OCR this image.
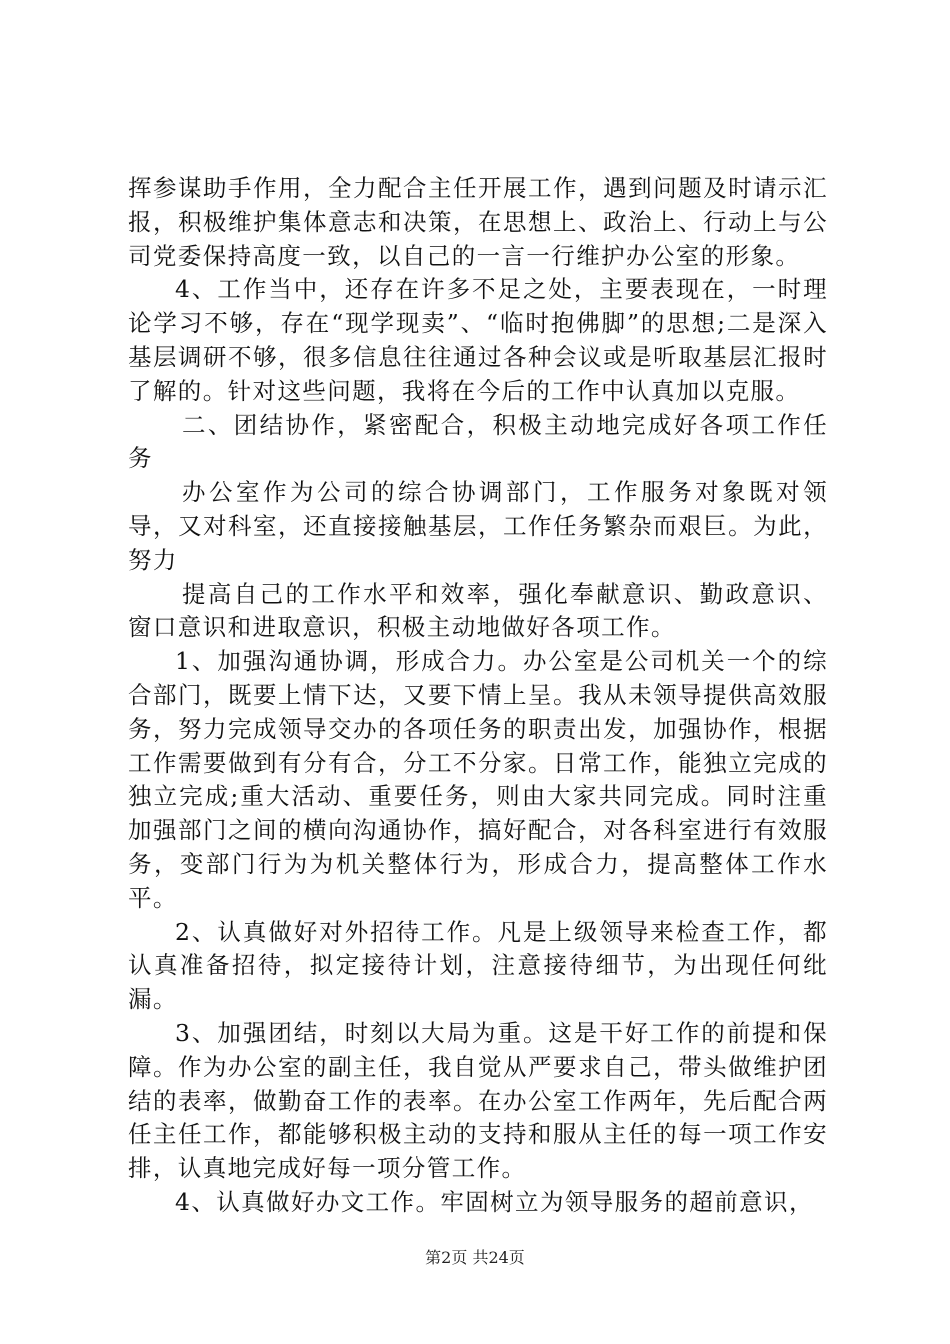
挥参谋助手作用，全力配合主任开展工作，遇到问题及时请示汇报，积极维护集体意志和决策，在思想上、政治上、行动上与公司党委保持高度一致，以自己的一言一行维护办公室的形象。

4、工作当中，还存在许多不足之处，主要表现在，一时理论学习不够，存在“现学现卖”、“临时抱佛脚”的思想;二是深入基层调研不够，很多信息往往通过各种会议或是听取基层汇报时了解的。针对这些问题，我将在今后的工作中认真加以克服。

二、团结协作，紧密配合，积极主动地完成好各项工作任务

办公室作为公司的综合协调部门，工作服务对象既对领导，又对科室，还直接接触基层，工作任务繁杂而艰巨。为此，努力

提高自己的工作水平和效率，强化奉献意识、勤政意识、窗口意识和进取意识，积极主动地做好各项工作。

1、加强沟通协调，形成合力。办公室是公司机关一个的综合部门，既要上情下达，又要下情上呈。我从未领导提供高效服务，努力完成领导交办的各项任务的职责出发，加强协作，根据工作需要做到有分有合，分工不分家。日常工作，能独立完成的独立完成;重大活动、重要任务，则由大家共同完成。同时注重加强部门之间的横向沟通协作，搞好配合，对各科室进行有效服务，变部门行为为机关整体行为，形成合力，提高整体工作水平。

2、认真做好对外招待工作。凡是上级领导来检查工作，都认真准备招待，拟定接待计划，注意接待细节，为出现任何纰漏。

3、加强团结，时刻以大局为重。这是干好工作的前提和保障。作为办公室的副主任，我自觉从严要求自己，带头做维护团结的表率，做勤奋工作的表率。在办公室工作两年，先后配合两任主任工作，都能够积极主动的支持和服从主任的每一项工作安排，认真地完成好每一项分管工作。

4、认真做好办文工作。牢固树立为领导服务的超前意识，

第2页 共24页
